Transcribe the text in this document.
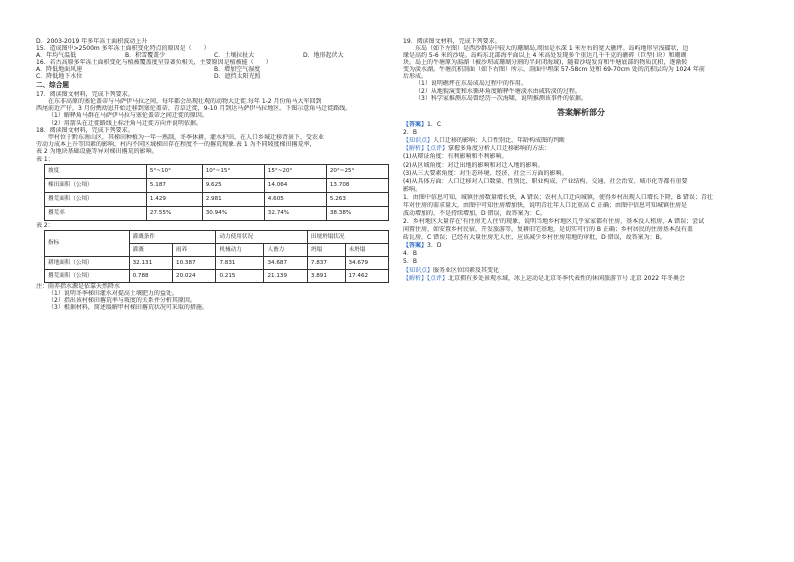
D．2003-2019 年多年冻土面积波动上升

15．造成图中>2500m 多年冻土面积变化特点的原因是（　　）

A．年均气温低	B．积雪覆盖少	C．土壤拉扯大	D．地形起伏大

16．若古高原多年冻土面积变化与植被覆盖度呈显著负相关，主要原因是植被能（　　）

A．降低地面风速	B．增加空气湿度
C．降低地下水位	D．遮挡太阳光照
二、综合题

17．阅读图文材料，完成下列要求。

在东非高原的塞伦盖蒂与马萨伊马拉之间，每年都会出现壮观的动物大迁徙.每年 1-2 月份角马大军回到

西尾前近产仔，3 月份携幼崽开始迁移到塞伦盖蒂、青草迁徙，9-10 月到达马萨伊马拉地区。下图示意角马迁徙路线。

（1）解释角马群在马萨伊马拉与塞伦盖蒂之间迁徙的原因。

（2）用箭头在迁徙路线上标注角马迁徙方向并说明依据。

18．阅读图文材料，完成下列要求。

甲村位于黔东南山区，其梯田种植为一年一熟制，冬季休耕，灌水护田。在人口乡城迁移背景下，受农业

劳动力成本上升等因素的影响，村内不同区域梯田存在程度不一的撂荒现象.表 1 为不同坡度梯田撂荒率，

表 2 为地块基础设施等异对梯田撂荒的影响。

表 1：

坡度	5°~10°	10°~15°	15°~20°	20°~25°
梯田面积（公顷）	5.187	9.625	14.064	13.708
撂荒面积（公顷）	1.429	2.981	4.605	5.263
撂荒率	27.55%	30.94%	32.74%	38.38%

表 2：

指标	灌溉条件		动力使用状况		田埂坍塌状况	
	灌溉	雨养	机械动力	人畜力	坍塌	未坍塌
耕地面积（公顷）	32.131	10.387	7.831	34.687	7.837	34.679
撂荒面积（公顷）	0.788	20.024	0.215	21.139	3.891	17.462

注：雨养指水源是依靠天然降水

（1）说明冬季梯田灌水对提高土壤肥力的益处。

（2）指出该村梯田撂荒率与坡度的关系并分析其原因。

（3）根据材料，简述缓解甲村梯田撂荒状况可采取的措施。

19．阅读图文材料，完成下列要求。

东岛（如下左图）是西沙群岛中较大的珊瑚岛,周围是水深 1 米左右的宽大礁坪。岛屿地形呈浅碟状，边

缘是高约 5-6 米的沙堤。岛屿东北部海平面以上 4 米高处发现多个重达几千千克的礁碎（巨型) 块）和珊瑚

块。岛上的牛塘原为潟湖（被沙坝或珊瑚分割的半封闭海域)，随着沙堤发育和牛塘底部的物质沉积，逐渐转

变为淡水湖。牛塘沉积剖面（如下右图）所示，剖面中埋深 57-58cm 处和 69-70cm 处的沉积层均为 1024 年前

后形成。

（1）说明礁坪在东岛成岛过程中的作用。

（2）从地貌演变和水循环角度解释牛塘淡水由咸转淡的过程。

（3）科学家推测东岛曾经历一次海啸，说明推测该事件的依据。

答案解析部分

【答案】1．C

2．B

【知识点】人口迁移的影响；人口性别比、年龄构成图的判断

【解析】【点评】掌握多角度分析人口迁移影响的方法：

(1)从辩证角度：有利影响和不利影响。

(2)从区域角度：对迁出地的影响和对迁入地的影响。

(3)从三大要素角度：对生态环境、经济、社会三方面的影响。

(4)从具体方面：人口迁移对人口数量、性别比、职业构成、产业结构、交通、社会治安、城市化等都有重要

影响。

1．由图中信息可知，城镇住房数量增长快，A 错误；农村人口迁向城镇，使得乡村出现人口增长下降，B 错误；青壮

年对住房的需求量大，由图中可知住房增加快，说明青壮年人口比重高 C 正确；由图中信息可知城镇住房是

波动增加的，不是持续增加，D 错误，故答案为：C。

2．乡村地区大量存在'有住房无人住'的现象，说明当地乡村地区几乎家家都有住房，基本没人租房，A 错误；尝试

闲置住房，如安置乡村民宿，开发旅游等，复耕旧宅基地，是切实可行的 B 正确；乡村居民的住房基本没有盖

砖瓦房，C 错误；已经有大量住房无人住，应该减少乡村住房用地的审批，D 错误，故答案为：B。

【答案】3．D

4．B

5．B

【知识点】服务业区位因素及其变化

【解析】【点评】北京拥有多处景观水域，冰上运动是北京冬季代表性的休闲旅游节号 北京 2022 年冬奥会
